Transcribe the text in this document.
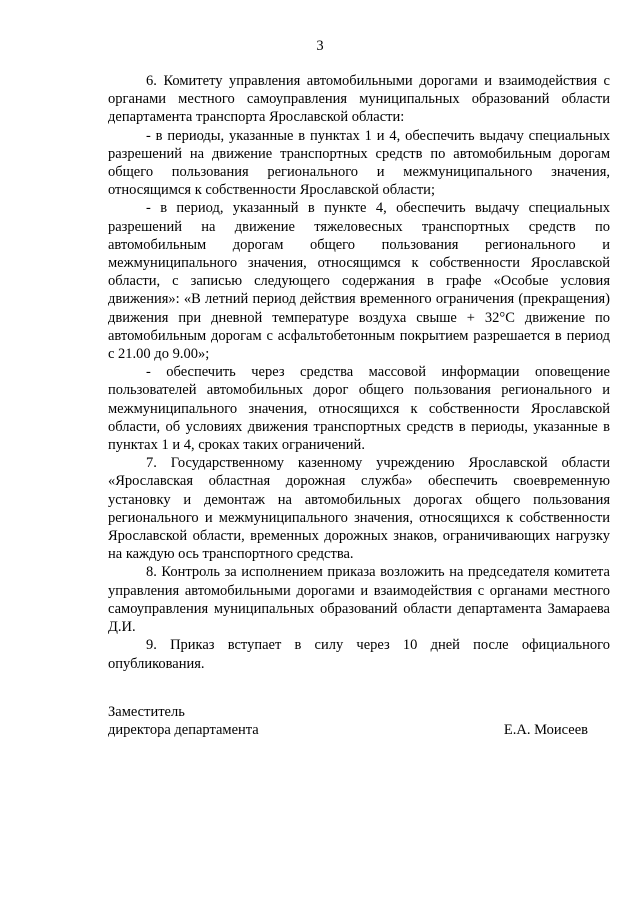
3

6. Комитету управления автомобильными дорогами и взаимодействия с органами местного самоуправления муниципальных образований области департамента транспорта Ярославской области:

- в периоды, указанные в пунктах 1 и 4, обеспечить выдачу специальных разрешений на движение транспортных средств по автомобильным дорогам общего пользования регионального и межмуниципального значения, относящимся к собственности Ярославской области;

- в период, указанный в пункте 4, обеспечить выдачу специальных разрешений на движение тяжеловесных транспортных средств по автомобильным дорогам общего пользования регионального и межмуниципального значения, относящимся к собственности Ярославской области, с записью следующего содержания в графе «Особые условия движения»: «В летний период действия временного ограничения (прекращения) движения при дневной температуре воздуха свыше + 32°С движение по автомобильным дорогам с асфальтобетонным покрытием разрешается в период с 21.00 до 9.00»;

- обеспечить через средства массовой информации оповещение пользователей автомобильных дорог общего пользования регионального и межмуниципального значения, относящихся к собственности Ярославской области, об условиях движения транспортных средств в периоды, указанные в пунктах 1 и 4, сроках таких ограничений.

7. Государственному казенному учреждению Ярославской области «Ярославская областная дорожная служба» обеспечить своевременную установку и демонтаж на автомобильных дорогах общего пользования регионального и межмуниципального значения, относящихся к собственности Ярославской области, временных дорожных знаков, ограничивающих нагрузку на каждую ось транспортного средства.

8. Контроль за исполнением приказа возложить на председателя комитета управления автомобильными дорогами и взаимодействия с органами местного самоуправления муниципальных образований области департамента Замараева Д.И.

9. Приказ вступает в силу через 10 дней после официального опубликования.

Заместитель
директора департамента	Е.А. Моисеев
